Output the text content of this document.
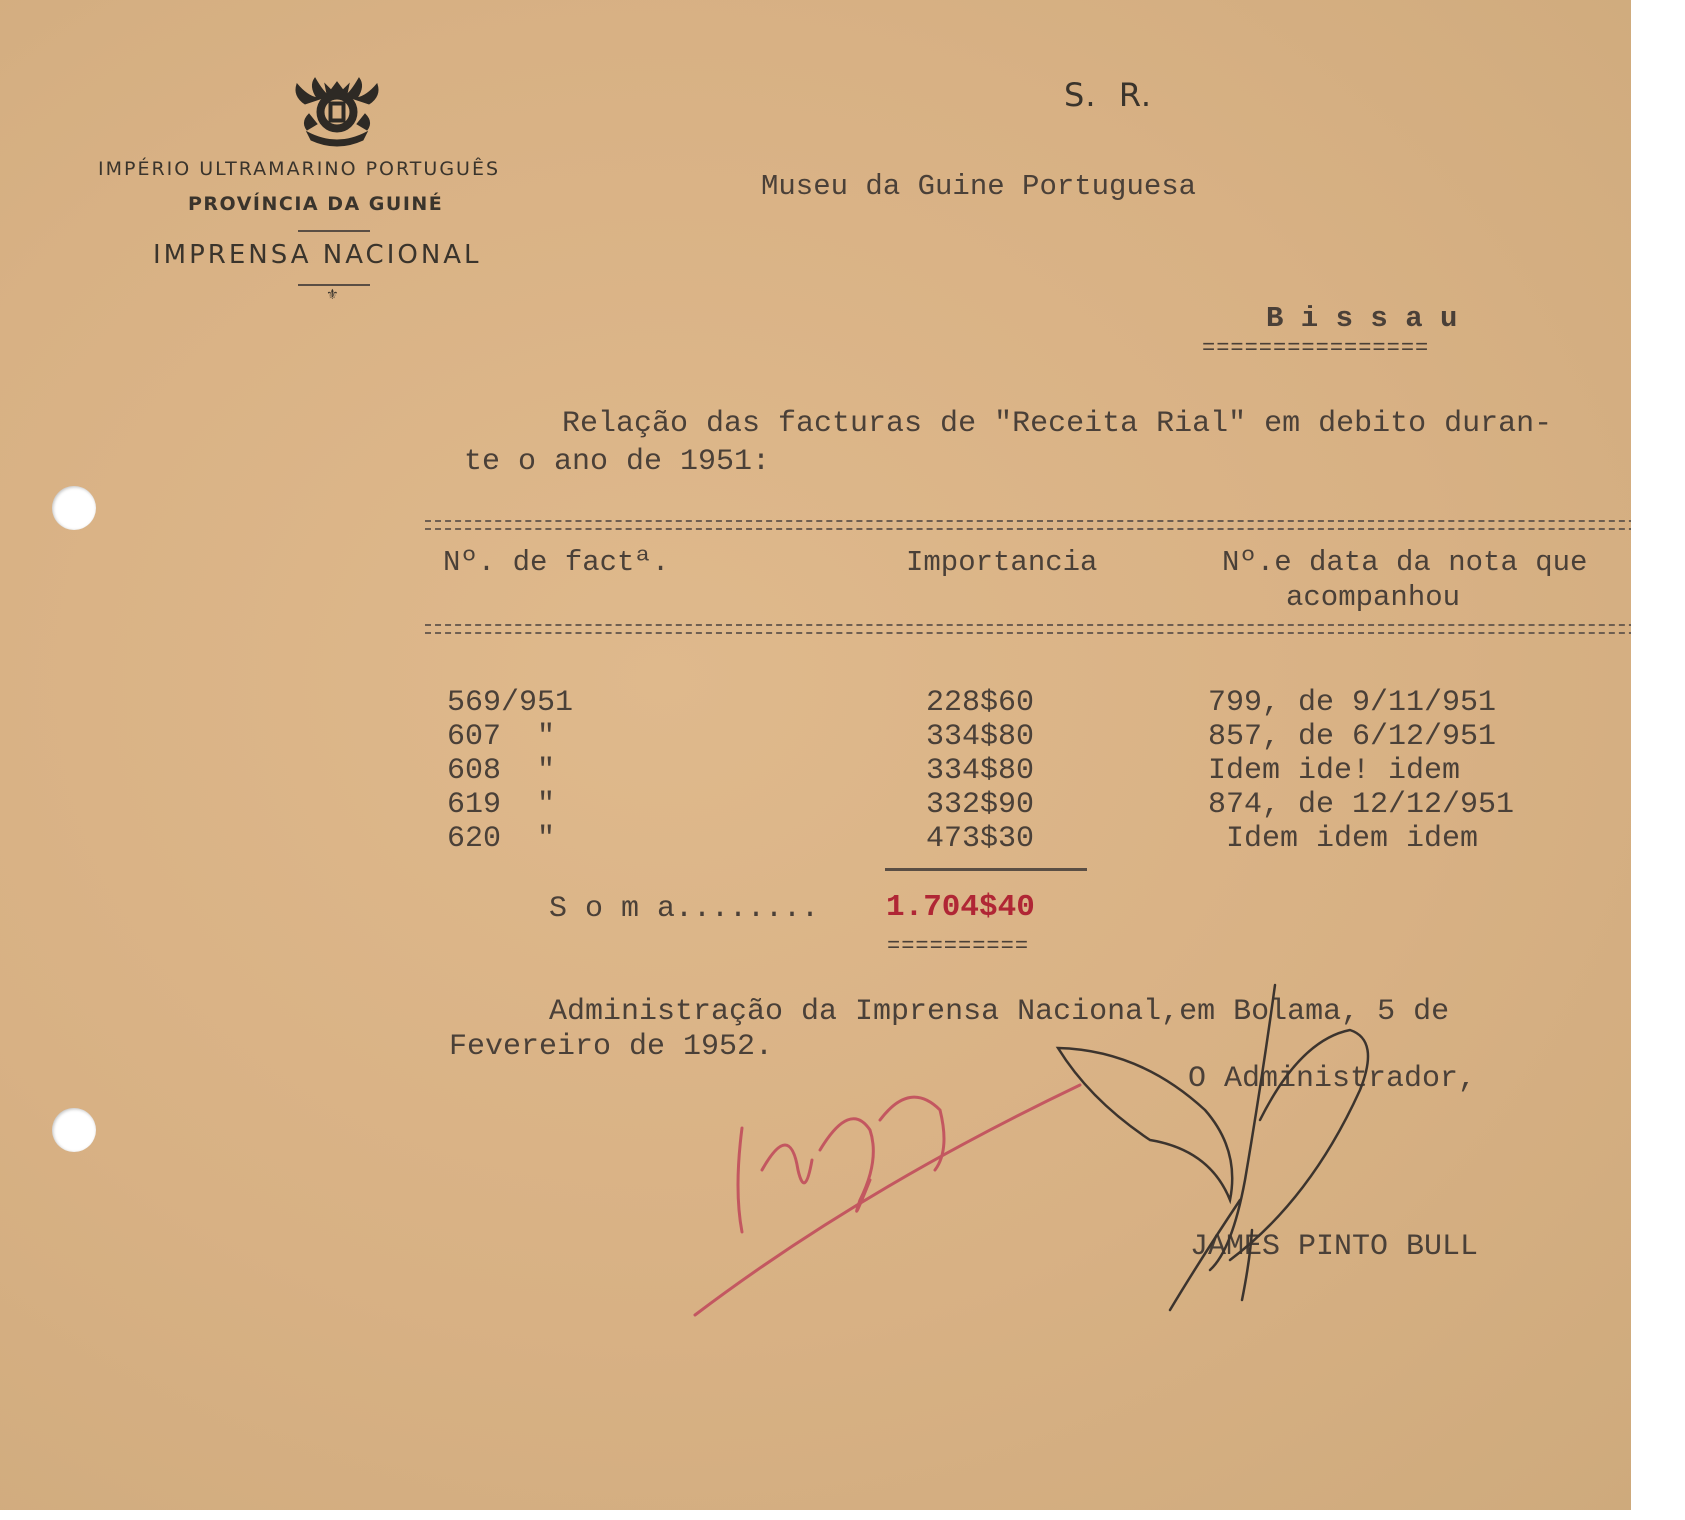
IMPÉRIO ULTRAMARINO PORTUGUÊS
PROVÍNCIA DA GUINÉ
IMPRENSA NACIONAL
⚜
S.  R.
Museu da Guine Portuguesa
B i s s a u
================
Relação das facturas de "Receita Rial" em debito duran-
te o ano de 1951:
Nº. de factª.	Importancia	Nº.e data da nota que
acompanhou
569/951	228$60	799, de 9/11/951
607  "	334$80	857, de 6/12/951
608  "	334$80	Idem ide! idem
619  "	332$90	874, de 12/12/951
620  "	473$30	Idem idem idem
S o m a........ 1.704$40
==========
Administração da Imprensa Nacional,em Bolama, 5 de
Fevereiro de 1952.
O Administrador,
JAMES PINTO BULL
